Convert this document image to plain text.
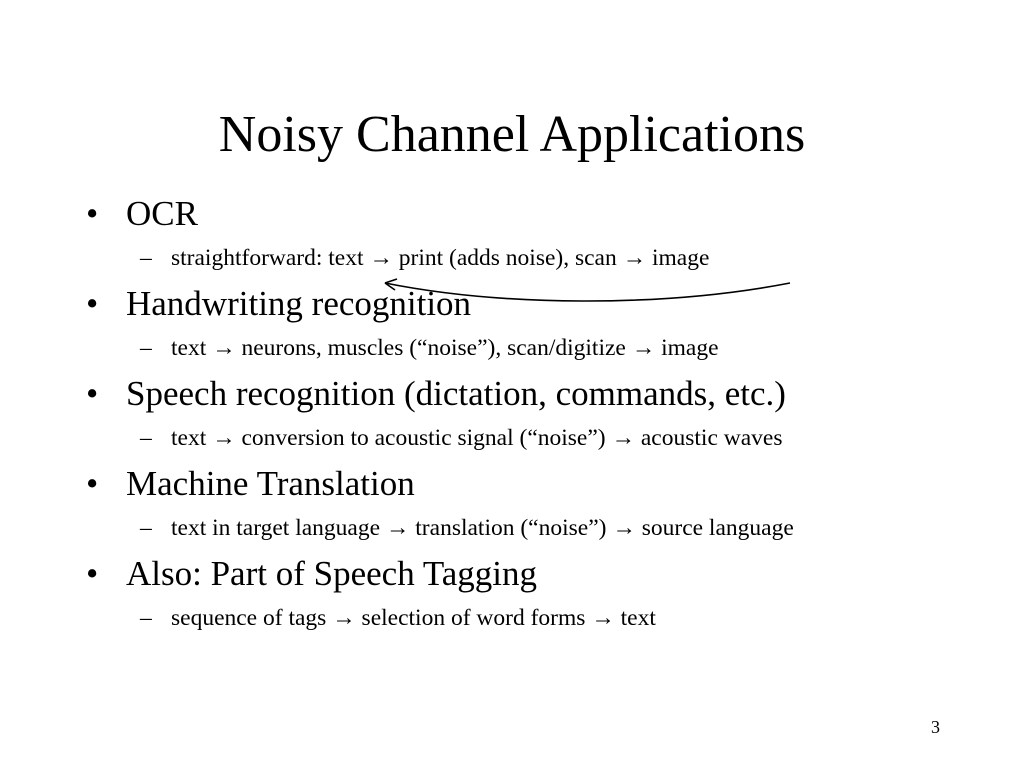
Noisy Channel Applications
• OCR
– straightforward: text → print (adds noise), scan → image
• Handwriting recognition
– text → neurons, muscles (“noise”), scan/digitize → image
• Speech recognition (dictation, commands, etc.)
– text → conversion to acoustic signal (“noise”) → acoustic waves
• Machine Translation
– text in target language → translation (“noise”) → source language
• Also: Part of Speech Tagging
– sequence of tags → selection of word forms → text
3
